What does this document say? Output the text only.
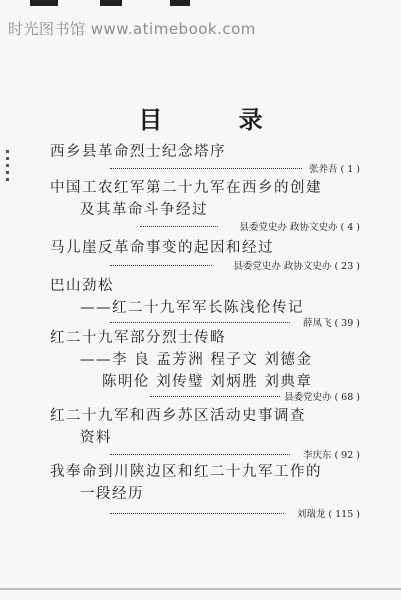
时光图书馆 www.atimebook.com
目 录
西乡县革命烈士纪念塔序
张养吾 ( 1 )
中国工农红军第二十九军在西乡的创建
及其革命斗争经过
县委党史办 政协文史办 ( 4 )
马儿崖反革命事变的起因和经过
县委党史办 政协文史办 ( 23 )
巴山劲松
——红二十九军军长陈浅伦传记
薛凤飞 ( 39 )
红二十九军部分烈士传略
——李 良 孟芳洲 程子文 刘德金
陈明伦 刘传璧 刘炳胜 刘典章
县委党史办 ( 68 )
红二十九军和西乡苏区活动史事调查
资料
李庆东 ( 92 )
我奉命到川陕边区和红二十九军工作的
一段经历
刘瑞龙 ( 115 )
